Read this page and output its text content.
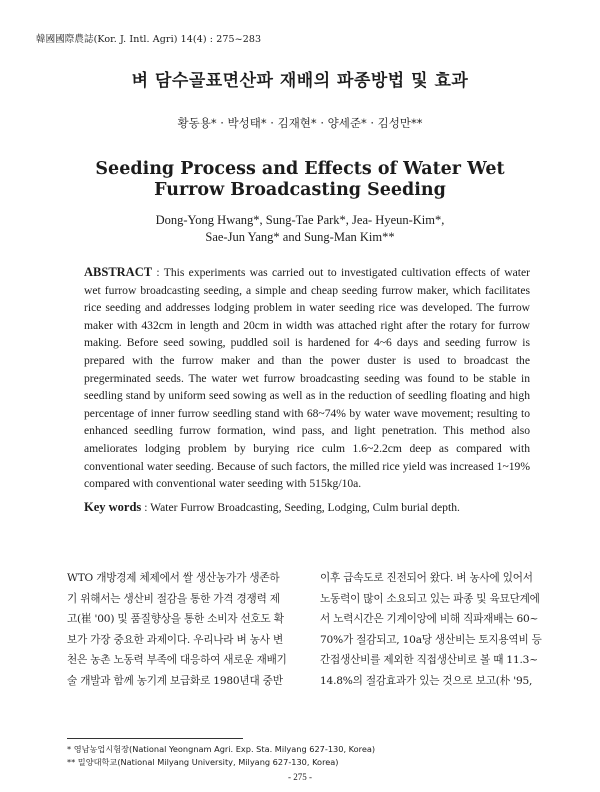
韓國國際農誌(Kor. J. Intl. Agri) 14(4) : 275~283
벼 담수골표면산파 재배의 파종방법 및 효과
황동용* · 박성태* · 김재현* · 양세준* · 김성만**
Seeding Process and Effects of Water Wet
Furrow Broadcasting Seeding
Dong-Yong Hwang*, Sung-Tae Park*, Jea- Hyeun-Kim*,
Sae-Jun Yang* and Sung-Man Kim**
ABSTRACT : This experiments was carried out to investigated cultivation effects of water wet furrow broadcasting seeding, a simple and cheap seeding furrow maker, which facilitates rice seeding and addresses lodging problem in water seeding rice was developed. The furrow maker with 432cm in length and 20cm in width was attached right after the rotary for furrow making. Before seed sowing, puddled soil is hardened for 4~6 days and seeding furrow is prepared with the furrow maker and than the power duster is used to broadcast the pregerminated seeds. The water wet furrow broadcasting seeding was found to be stable in seedling stand by uniform seed sowing as well as in the reduction of seedling floating and high percentage of inner furrow seedling stand with 68~74% by water wave movement; resulting to enhanced seedling furrow formation, wind pass, and light penetration. This method also ameliorates lodging problem by burying rice culm 1.6~2.2cm deep as compared with conventional water seeding. Because of such factors, the milled rice yield was increased 1~19% compared with conventional water seeding with 515kg/10a.
Key words : Water Furrow Broadcasting, Seeding, Lodging, Culm burial depth.
WTO 개방경제 체제에서 쌀 생산농가가 생존하
기 위해서는 생산비 절감을 통한 가격 경쟁력 제
고(崔 '00) 및 품질향상을 통한 소비자 선호도 확
보가 가장 중요한 과제이다. 우리나라 벼 농사 변
천은 농촌 노동력 부족에 대응하여 새로운 재배기
술 개발과 함께 농기계 보급화로 1980년대 중반
이후 급속도로 진전되어 왔다. 벼 농사에 있어서
노동력이 많이 소요되고 있는 파종 및 육묘단계에
서 노력시간은 기계이앙에 비해 직파재배는 60~
70%가 절감되고, 10a당 생산비는 토지용역비 등
간접생산비를 제외한 직접생산비로 볼 때 11.3~
14.8%의 절감효과가 있는 것으로 보고(朴 '95,
* 영남농업시험장(National Yeongnam Agri. Exp. Sta. Milyang 627-130, Korea)
** 밀양대학교(National Milyang University, Milyang 627-130, Korea)
- 275 -
